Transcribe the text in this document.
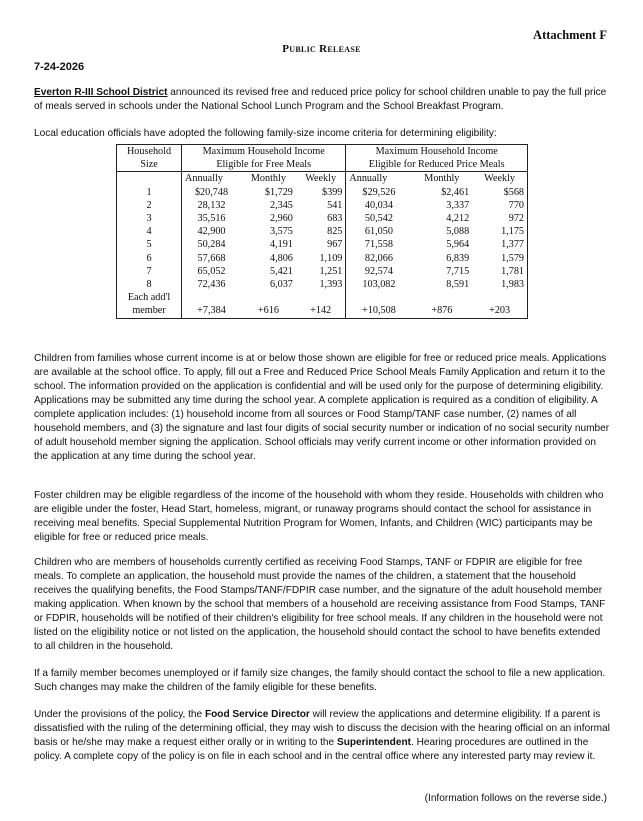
Attachment F
Public Release
7-24-2026

Everton R-III School District announced its revised free and reduced price policy for school children unable to pay the full price of meals served in schools under the National School Lunch Program and the School Breakfast Program.

Local education officials have adopted the following family-size income criteria for determining eligibility:

Household	Maximum Household Income			Maximum Household Income		
Size	Eligible for Free Meals			Eligible for Reduced Price Meals		
	Annually	Monthly	Weekly	Annually	Monthly	Weekly
1	$20,748	$1,729	$399	$29,526	$2,461	$568
2	28,132	2,345	541	40,034	3,337	770
3	35,516	2,960	683	50,542	4,212	972
4	42,900	3,575	825	61,050	5,088	1,175
5	50,284	4,191	967	71,558	5,964	1,377
6	57,668	4,806	1,109	82,066	6,839	1,579
7	65,052	5,421	1,251	92,574	7,715	1,781
8	72,436	6,037	1,393	103,082	8,591	1,983
Each add'l						
member	+7,384	+616	+142	+10,508	+876	+203

Children from families whose current income is at or below those shown are eligible for free or reduced price meals. Applications are available at the school office. To apply, fill out a Free and Reduced Price School Meals Family Application and return it to the school. The information provided on the application is confidential and will be used only for the purpose of determining eligibility. Applications may be submitted any time during the school year. A complete application is required as a condition of eligibility. A complete application includes: (1) household income from all sources or Food Stamp/TANF case number, (2) names of all household members, and (3) the signature and last four digits of social security number or indication of no social security number of adult household member signing the application. School officials may verify current income or other information provided on the application at any time during the school year.

Foster children may be eligible regardless of the income of the household with whom they reside. Households with children who are eligible under the foster, Head Start, homeless, migrant, or runaway programs should contact the school for assistance in receiving meal benefits. Special Supplemental Nutrition Program for Women, Infants, and Children (WIC) participants may be eligible for free or reduced price meals.

Children who are members of households currently certified as receiving Food Stamps, TANF or FDPIR are eligible for free meals. To complete an application, the household must provide the names of the children, a statement that the household receives the qualifying benefits, the Food Stamps/TANF/FDPIR case number, and the signature of the adult household member making application. When known by the school that members of a household are receiving assistance from Food Stamps, TANF or FDPIR, households will be notified of their children's eligibility for free school meals. If any children in the household were not listed on the eligibility notice or not listed on the application, the household should contact the school to have benefits extended to all children in the household.

If a family member becomes unemployed or if family size changes, the family should contact the school to file a new application. Such changes may make the children of the family eligible for these benefits.

Under the provisions of the policy, the Food Service Director will review the applications and determine eligibility. If a parent is dissatisfied with the ruling of the determining official, they may wish to discuss the decision with the hearing official on an informal basis or he/she may make a request either orally or in writing to the Superintendent. Hearing procedures are outlined in the policy. A complete copy of the policy is on file in each school and in the central office where any interested party may review it.

(Information follows on the reverse side.)
